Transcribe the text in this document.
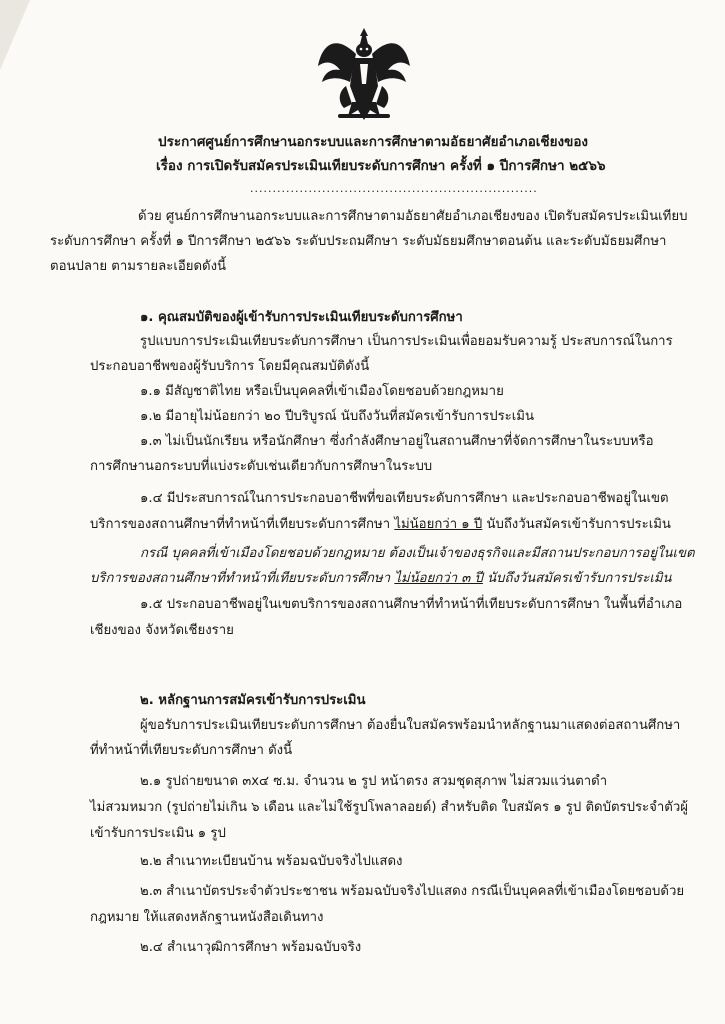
ประกาศศูนย์การศึกษานอกระบบและการศึกษาตามอัธยาศัยอำเภอเชียงของ
เรื่อง การเปิดรับสมัครประเมินเทียบระดับการศึกษา ครั้งที่ ๑ ปีการศึกษา ๒๕๖๖
................................................................
ด้วย ศูนย์การศึกษานอกระบบและการศึกษาตามอัธยาศัยอำเภอเชียงของ เปิดรับสมัครประเมินเทียบ
ระดับการศึกษา ครั้งที่ ๑ ปีการศึกษา ๒๕๖๖ ระดับประถมศึกษา ระดับมัธยมศึกษาตอนต้น และระดับมัธยมศึกษา
ตอนปลาย ตามรายละเอียดดังนี้
๑. คุณสมบัติของผู้เข้ารับการประเมินเทียบระดับการศึกษา
รูปแบบการประเมินเทียบระดับการศึกษา เป็นการประเมินเพื่อยอมรับความรู้ ประสบการณ์ในการ
ประกอบอาชีพของผู้รับบริการ โดยมีคุณสมบัติดังนี้
๑.๑ มีสัญชาติไทย หรือเป็นบุคคลที่เข้าเมืองโดยชอบด้วยกฎหมาย
๑.๒ มีอายุไม่น้อยกว่า ๒๐ ปีบริบูรณ์ นับถึงวันที่สมัครเข้ารับการประเมิน
๑.๓ ไม่เป็นนักเรียน หรือนักศึกษา ซึ่งกำลังศึกษาอยู่ในสถานศึกษาที่จัดการศึกษาในระบบหรือ
การศึกษานอกระบบที่แบ่งระดับเช่นเดียวกับการศึกษาในระบบ
๑.๔ มีประสบการณ์ในการประกอบอาชีพที่ขอเทียบระดับการศึกษา และประกอบอาชีพอยู่ในเขต
บริการของสถานศึกษาที่ทำหน้าที่เทียบระดับการศึกษา ไม่น้อยกว่า ๑ ปี นับถึงวันสมัครเข้ารับการประเมิน
กรณี บุคคลที่เข้าเมืองโดยชอบด้วยกฎหมาย ต้องเป็นเจ้าของธุรกิจและมีสถานประกอบการอยู่ในเขต
บริการของสถานศึกษาที่ทำหน้าที่เทียบระดับการศึกษา ไม่น้อยกว่า ๓ ปี นับถึงวันสมัครเข้ารับการประเมิน
๑.๕ ประกอบอาชีพอยู่ในเขตบริการของสถานศึกษาที่ทำหน้าที่เทียบระดับการศึกษา ในพื้นที่อำเภอ
เชียงของ จังหวัดเชียงราย
๒. หลักฐานการสมัครเข้ารับการประเมิน
ผู้ขอรับการประเมินเทียบระดับการศึกษา ต้องยื่นใบสมัครพร้อมนำหลักฐานมาแสดงต่อสถานศึกษา
ที่ทำหน้าที่เทียบระดับการศึกษา ดังนี้
๒.๑ รูปถ่ายขนาด ๓x๔ ซ.ม. จำนวน ๒ รูป หน้าตรง สวมชุดสุภาพ ไม่สวมแว่นตาดำ
ไม่สวมหมวก (รูปถ่ายไม่เกิน ๖ เดือน และไม่ใช้รูปโพลาลอยด์) สำหรับติด ใบสมัคร ๑ รูป ติดบัตรประจำตัวผู้
เข้ารับการประเมิน ๑ รูป
๒.๒ สำเนาทะเบียนบ้าน พร้อมฉบับจริงไปแสดง
๒.๓ สำเนาบัตรประจำตัวประชาชน พร้อมฉบับจริงไปแสดง กรณีเป็นบุคคลที่เข้าเมืองโดยชอบด้วย
กฎหมาย ให้แสดงหลักฐานหนังสือเดินทาง
๒.๔ สำเนาวุฒิการศึกษา พร้อมฉบับจริง
